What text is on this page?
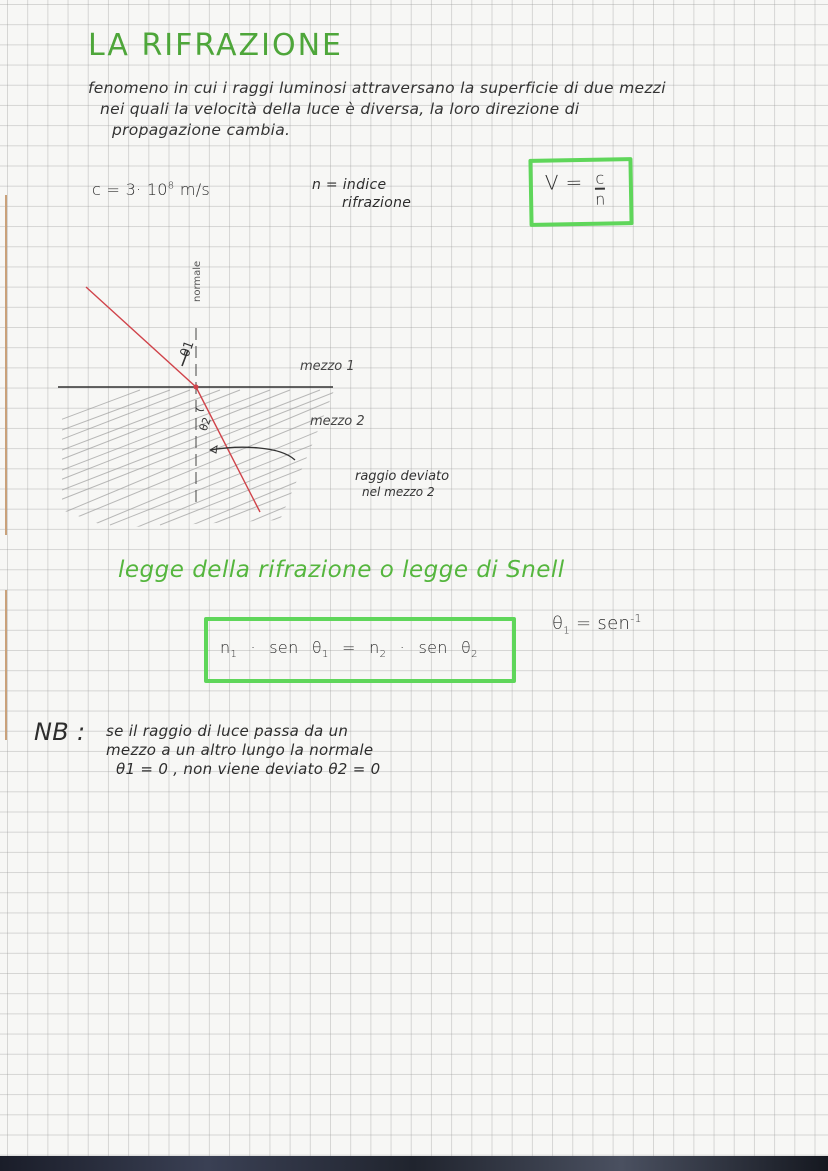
LA RIFRAZIONE
fenomeno in cui i raggi luminosi attraversano la superficie di due mezzi
nei quali la velocità della luce è diversa, la loro direzione di
propagazione cambia.
$c = 3\cdot 10^8$ m/s	n = indice
rifrazione
$V = \frac{c}{n}$
normale
θ1
θ2
mezzo 1
mezzo 2
raggio deviato
nel mezzo 2
legge della rifrazione o legge di Snell
$n_1$ · sen $\theta_1 = n_2$ · sen $\theta_2$
$\theta_1 = sen^{-1}$
NB : se il raggio di luce passa da un
mezzo a un altro lungo la normale
θ1 = 0 , non viene deviato θ2 = 0
